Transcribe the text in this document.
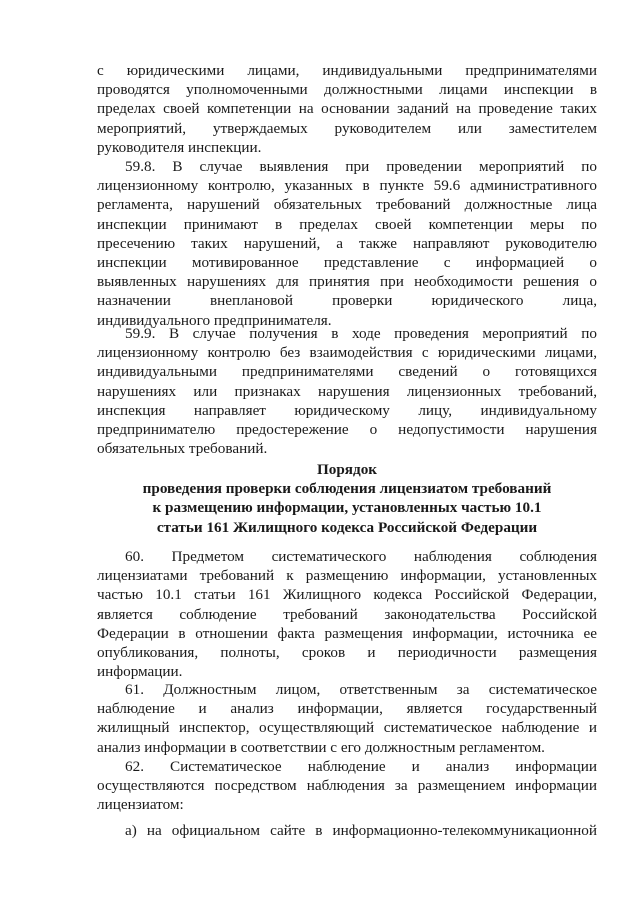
с юридическими лицами, индивидуальными предпринимателями
проводятся уполномоченными должностными лицами инспекции в
пределах своей компетенции на основании заданий на проведение таких
мероприятий, утверждаемых руководителем или заместителем
руководителя инспекции.
59.8. В случае выявления при проведении мероприятий по
лицензионному контролю, указанных в пункте 59.6 административного
регламента, нарушений обязательных требований должностные лица
инспекции принимают в пределах своей компетенции меры по
пресечению таких нарушений, а также направляют руководителю
инспекции мотивированное представление с информацией о
выявленных нарушениях для принятия при необходимости решения о
назначении внеплановой проверки юридического лица,
индивидуального предпринимателя.
59.9. В случае получения в ходе проведения мероприятий по
лицензионному контролю без взаимодействия с юридическими лицами,
индивидуальными предпринимателями сведений о готовящихся
нарушениях или признаках нарушения лицензионных требований,
инспекция направляет юридическому лицу, индивидуальному
предпринимателю предостережение о недопустимости нарушения
обязательных требований.
Порядок
проведения проверки соблюдения лицензиатом требований
к размещению информации, установленных частью 10.1
статьи 161 Жилищного кодекса Российской Федерации
60. Предметом систематического наблюдения соблюдения
лицензиатами требований к размещению информации, установленных
частью 10.1 статьи 161 Жилищного кодекса Российской Федерации,
является соблюдение требований законодательства Российской
Федерации в отношении факта размещения информации, источника ее
опубликования, полноты, сроков и периодичности размещения
информации.
61. Должностным лицом, ответственным за систематическое
наблюдение и анализ информации, является государственный
жилищный инспектор, осуществляющий систематическое наблюдение и
анализ информации в соответствии с его должностным регламентом.
62. Систематическое наблюдение и анализ информации
осуществляются посредством наблюдения за размещением информации
лицензиатом:
а) на официальном сайте в информационно-телекоммуникационной
